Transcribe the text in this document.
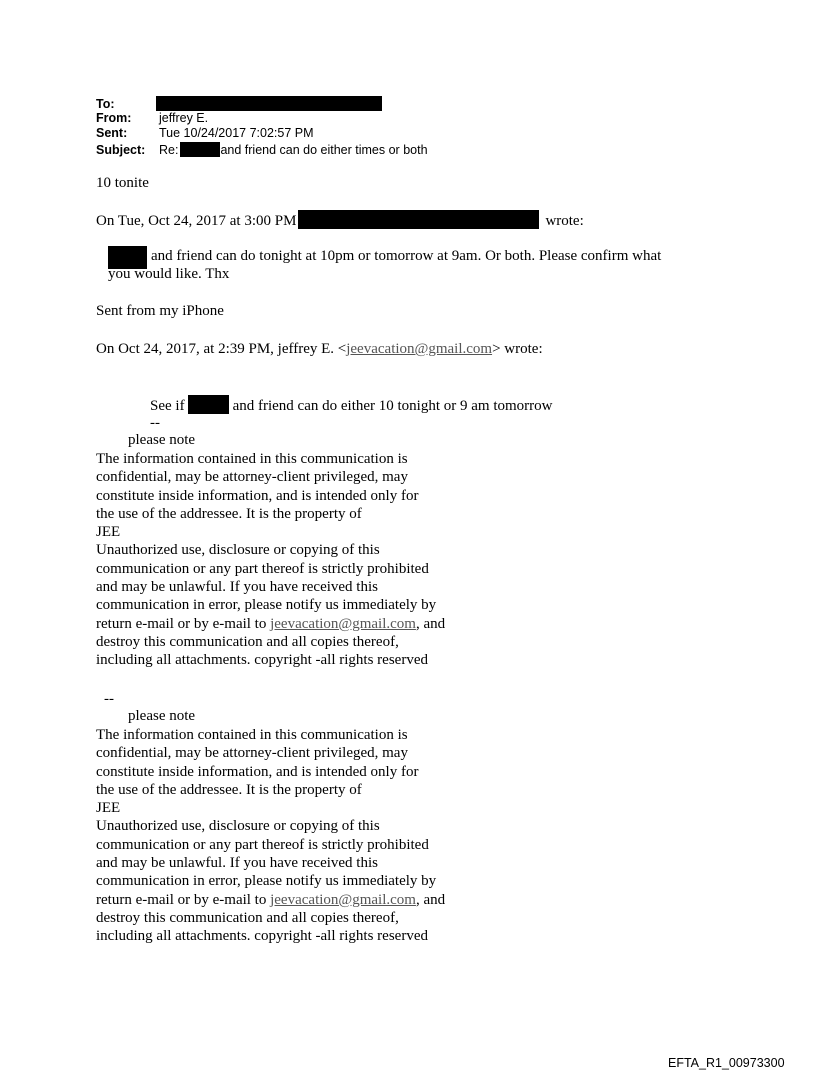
To:
From: jeffrey E.
Sent:	Tue 10/24/2017 7:02:57 PM
Subject: Re:	and friend can do either times or both
10 tonite
On Tue, Oct 24, 2017 at 3:00 PM	wrote:
and friend can do tonight at 10pm or tomorrow at 9am. Or both. Please confirm what
you would like. Thx
Sent from my iPhone
On Oct 24, 2017, at 2:39 PM, jeffrey E. <jeevacation@gmail.com> wrote:
See if	and friend can do either 10 tonight or 9 am tomorrow
--
please note
The information contained in this communication is
confidential, may be attorney-client privileged, may
constitute inside information, and is intended only for
the use of the addressee. It is the property of
JEE
Unauthorized use, disclosure or copying of this
communication or any part thereof is strictly prohibited
and may be unlawful. If you have received this
communication in error, please notify us immediately by
return e-mail or by e-mail to jeevacation@gmail.com, and
destroy this communication and all copies thereof,
including all attachments. copyright -all rights reserved
--
please note
The information contained in this communication is
confidential, may be attorney-client privileged, may
constitute inside information, and is intended only for
the use of the addressee. It is the property of
JEE
Unauthorized use, disclosure or copying of this
communication or any part thereof is strictly prohibited
and may be unlawful. If you have received this
communication in error, please notify us immediately by
return e-mail or by e-mail to jeevacation@gmail.com, and
destroy this communication and all copies thereof,
including all attachments. copyright -all rights reserved
EFTA_R1_00973300
